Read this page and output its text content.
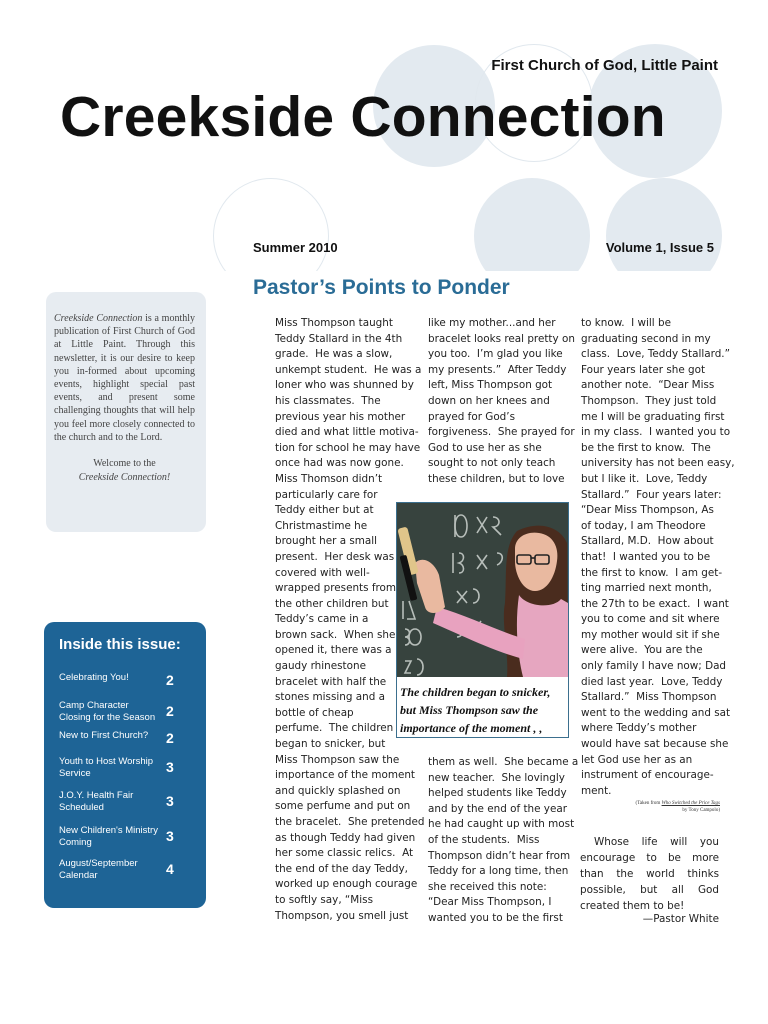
First Church of God, Little Paint
Creekside Connection
Summer 2010	Volume 1, Issue 5
Pastor’s Points to Ponder
Creekside Connection is a monthly publication of First Church of God at Little Paint. Through this newsletter, it is our desire to keep you in-formed about upcoming events, highlight special past events, and present some challenging thoughts that will help you feel more closely connected to the church and to the Lord.
Welcome to the
Creekside Connection!
Inside this issue:
Celebrating You!	2
Camp Character Closing for the Season 2
New to First Church?	2
Youth to Host Worship Service	3
J.O.Y. Health Fair Scheduled	3
New Children's Ministry Coming	3
August/September Calendar	4
Miss Thompson taught
Teddy Stallard in the 4th
grade.  He was a slow,
unkempt student.  He was a
loner who was shunned by
his classmates.  The
previous year his mother
died and what little motiva-
tion for school he may have
once had was now gone.
Miss Thomson didn’t
particularly care for
Teddy either but at
Christmastime he
brought her a small
present.  Her desk was
covered with well-
wrapped presents from
the other children but
Teddy’s came in a
brown sack.  When she
opened it, there was a
gaudy rhinestone
bracelet with half the
stones missing and a
bottle of cheap
perfume.  The children
began to snicker, but
Miss Thompson saw the
importance of the moment
and quickly splashed on
some perfume and put on
the bracelet.  She pretended
as though Teddy had given
her some classic relics.  At
the end of the day Teddy,
worked up enough courage
to softly say, “Miss
Thompson, you smell just
like my mother...and her
bracelet looks real pretty on
you too.  I’m glad you like
my presents.”  After Teddy
left, Miss Thompson got
down on her knees and
prayed for God’s
forgiveness.  She prayed for
God to use her as she
sought to not only teach
these children, but to love
them as well.  She became a
new teacher.  She lovingly
helped students like Teddy
and by the end of the year
he had caught up with most
of the students.  Miss
Thompson didn’t hear from
Teddy for a long time, then
she received this note:
“Dear Miss Thompson, I
wanted you to be the first
to know.  I will be
graduating second in my
class.  Love, Teddy Stallard.”
Four years later she got
another note.  “Dear Miss
Thompson.  They just told
me I will be graduating first
in my class.  I wanted you to
be the first to know.  The
university has not been easy,
but I like it.  Love, Teddy
Stallard.”  Four years later:
“Dear Miss Thompson, As
of today, I am Theodore
Stallard, M.D.  How about
that!  I wanted you to be
the first to know.  I am get-
ting married next month,
the 27th to be exact.  I want
you to come and sit where
my mother would sit if she
were alive.  You are the
only family I have now; Dad
died last year.  Love, Teddy
Stallard.”  Miss Thompson
went to the wedding and sat
where Teddy’s mother
would have sat because she
let God use her as an
instrument of encourage-
ment.
The children began to snicker, but Miss Thompson saw the importance of the moment , ,
(Taken from Who Switched the Price Tags
by Tony Campolo)
Whose life will you encourage to be more than the world thinks possible, but all God created them to be!
—Pastor White
